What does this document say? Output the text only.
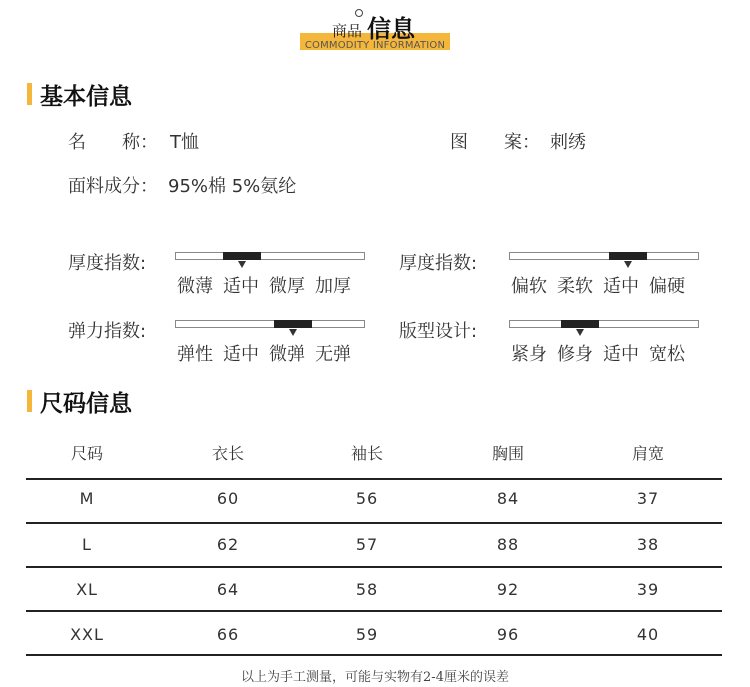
商品 信息
COMMODITY INFORMATION
基本信息
名　　称： T恤	图　　案： 刺绣
面料成分： 95%棉 5%氨纶
厚度指数:
微薄 适中 微厚 加厚
厚度指数:
偏软 柔软 适中 偏硬
弹力指数:
弹性 适中 微弹 无弹
版型设计:
紧身 修身 适中 宽松
尺码信息
尺码	衣长	袖长	胸围	肩宽
M	60	56	84	37
L	62	57	88	38
XL	64	58	92	39
XXL	66	59	96	40
以上为手工测量，可能与实物有2-4厘米的误差
